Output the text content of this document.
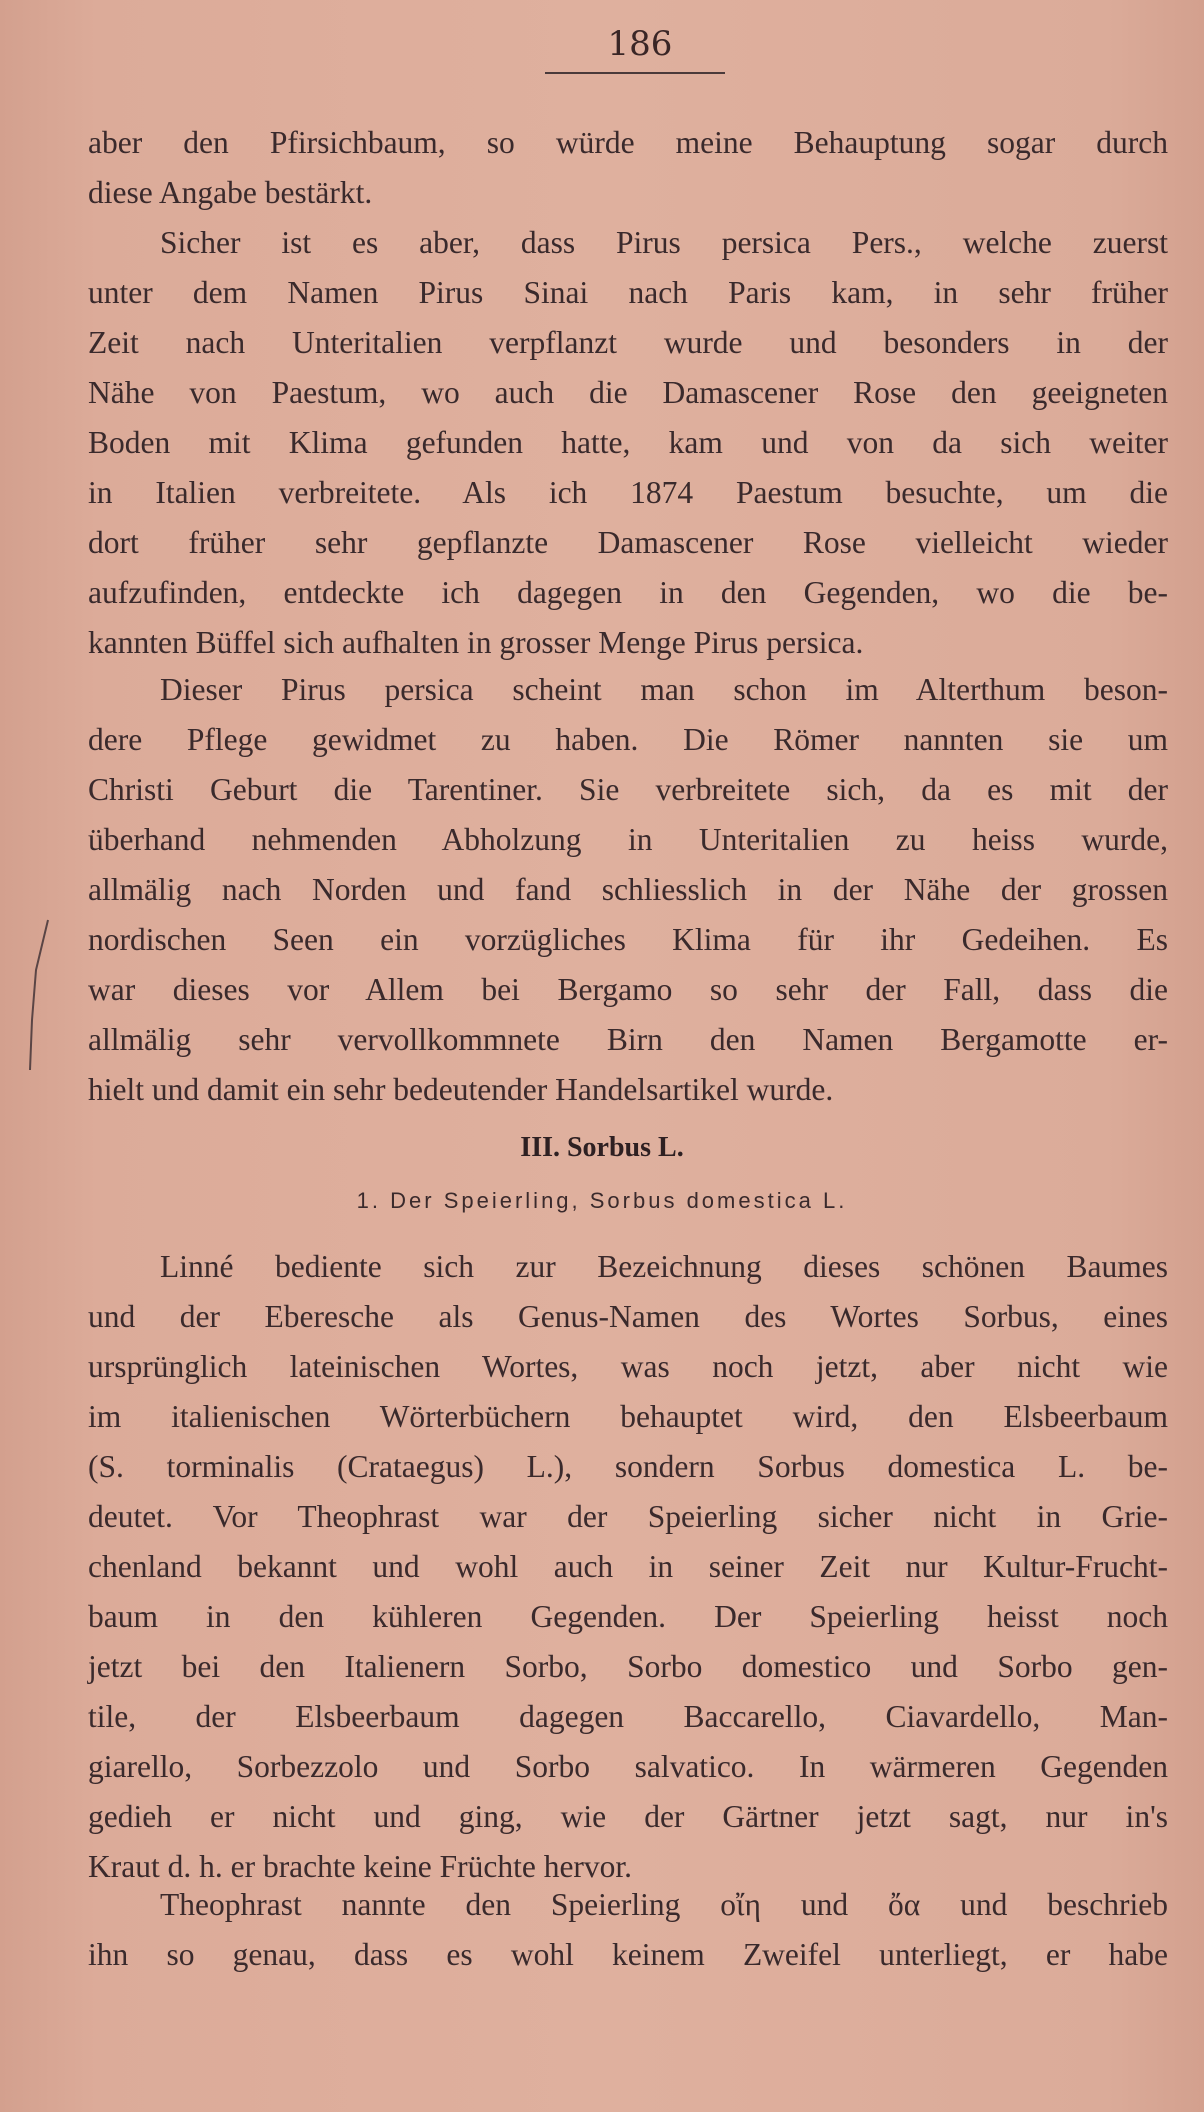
186
aber den Pfirsichbaum, so würde meine Behauptung sogar durch
diese Angabe bestärkt.
Sicher ist es aber, dass Pirus persica Pers., welche zuerst
unter dem Namen Pirus Sinai nach Paris kam, in sehr früher
Zeit nach Unteritalien verpflanzt wurde und besonders in der
Nähe von Paestum, wo auch die Damascener Rose den geeigneten
Boden mit Klima gefunden hatte, kam und von da sich weiter
in Italien verbreitete. Als ich 1874 Paestum besuchte, um die
dort früher sehr gepflanzte Damascener Rose vielleicht wieder
aufzufinden, entdeckte ich dagegen in den Gegenden, wo die be-
kannten Büffel sich aufhalten in grosser Menge Pirus persica.
Dieser Pirus persica scheint man schon im Alterthum beson-
dere Pflege gewidmet zu haben. Die Römer nannten sie um
Christi Geburt die Tarentiner. Sie verbreitete sich, da es mit der
überhand nehmenden Abholzung in Unteritalien zu heiss wurde,
allmälig nach Norden und fand schliesslich in der Nähe der grossen
nordischen Seen ein vorzügliches Klima für ihr Gedeihen. Es
war dieses vor Allem bei Bergamo so sehr der Fall, dass die
allmälig sehr vervollkommnete Birn den Namen Bergamotte er-
hielt und damit ein sehr bedeutender Handelsartikel wurde.
III. Sorbus L.
1. Der Speierling, Sorbus domestica L.
Linné bediente sich zur Bezeichnung dieses schönen Baumes
und der Eberesche als Genus-Namen des Wortes Sorbus, eines
ursprünglich lateinischen Wortes, was noch jetzt, aber nicht wie
im italienischen Wörterbüchern behauptet wird, den Elsbeerbaum
(S. torminalis (Crataegus) L.), sondern Sorbus domestica L. be-
deutet. Vor Theophrast war der Speierling sicher nicht in Grie-
chenland bekannt und wohl auch in seiner Zeit nur Kultur-Frucht-
baum in den kühleren Gegenden. Der Speierling heisst noch
jetzt bei den Italienern Sorbo, Sorbo domestico und Sorbo gen-
tile, der Elsbeerbaum dagegen Baccarello, Ciavardello, Man-
giarello, Sorbezzolo und Sorbo salvatico. In wärmeren Gegenden
gedieh er nicht und ging, wie der Gärtner jetzt sagt, nur in's
Kraut d. h. er brachte keine Früchte hervor.
Theophrast nannte den Speierling οἴη und ὄα und beschrieb
ihn so genau, dass es wohl keinem Zweifel unterliegt, er habe
